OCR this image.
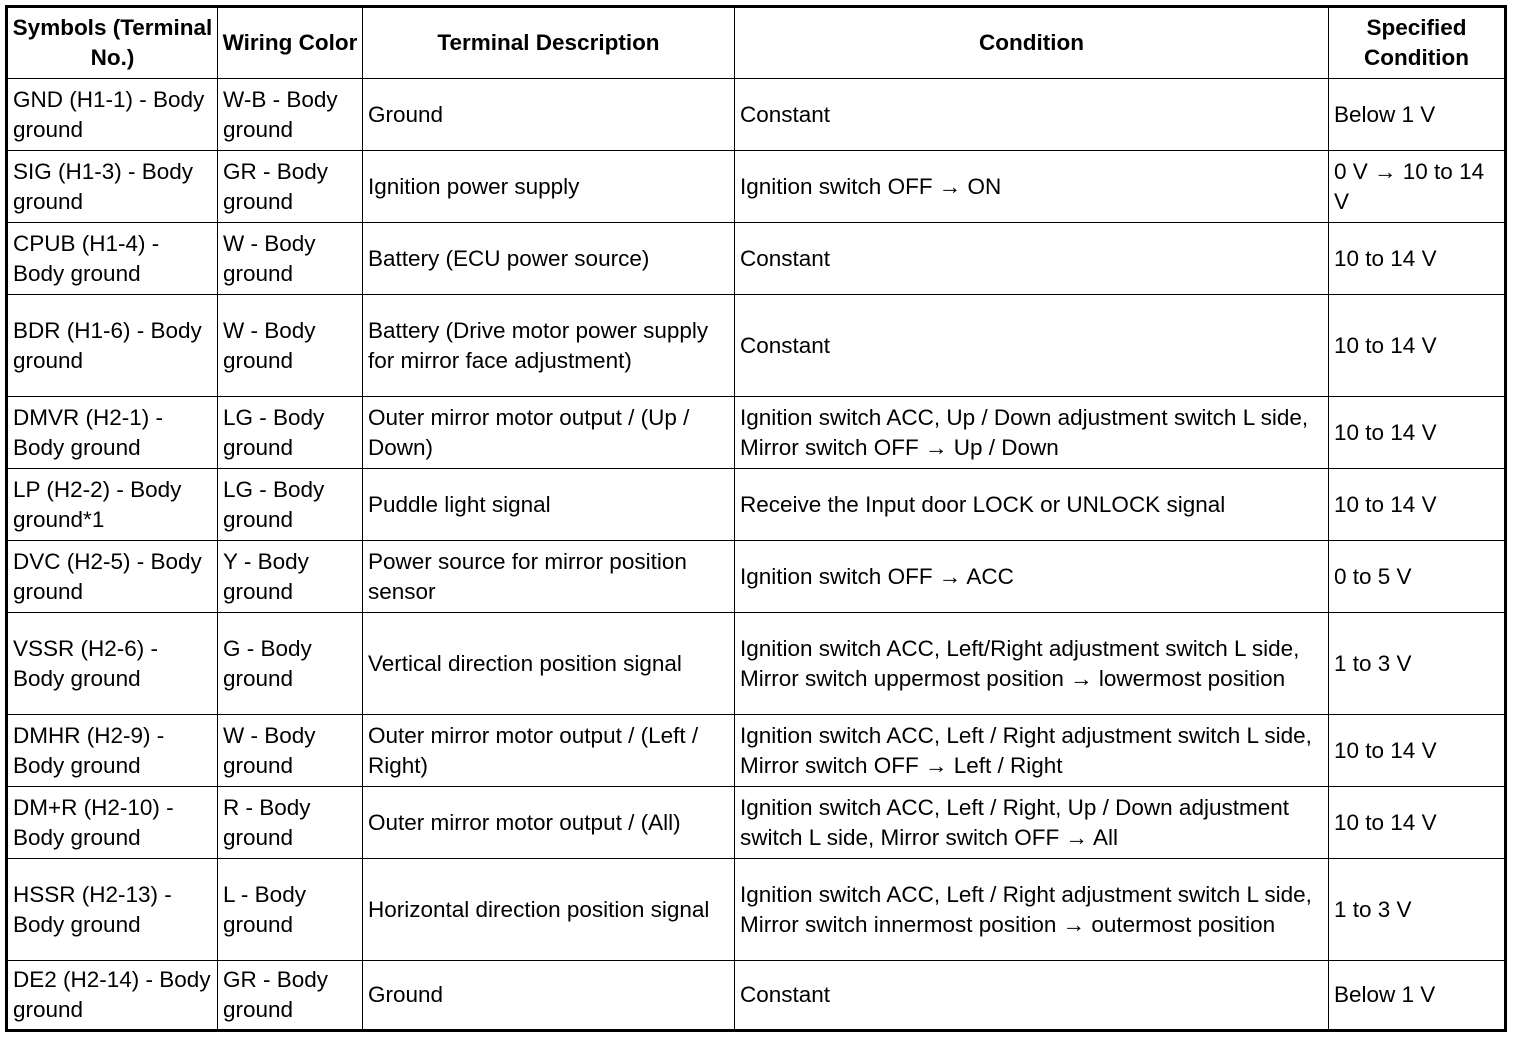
Symbols (Terminal No.)	Wiring Color	Terminal Description	Condition	Specified Condition
GND (H1-1) - Body ground	W-B - Body ground	Ground	Constant	Below 1 V
SIG (H1-3) - Body ground	GR - Body ground	Ignition power supply	Ignition switch OFF → ON	0 V → 10 to 14 V
CPUB (H1-4) - Body ground	W - Body ground	Battery (ECU power source)	Constant	10 to 14 V
BDR (H1-6) - Body ground	W - Body ground	Battery (Drive motor power supply for mirror face adjustment)	Constant	10 to 14 V
DMVR (H2-1) - Body ground	LG - Body ground	Outer mirror motor output / (Up / Down)	Ignition switch ACC, Up / Down adjustment switch L side, Mirror switch OFF → Up / Down	10 to 14 V
LP (H2-2) - Body ground*1	LG - Body ground	Puddle light signal	Receive the Input door LOCK or UNLOCK signal	10 to 14 V
DVC (H2-5) - Body ground	Y - Body ground	Power source for mirror position sensor	Ignition switch OFF → ACC	0 to 5 V
VSSR (H2-6) - Body ground	G - Body ground	Vertical direction position signal	Ignition switch ACC, Left/Right adjustment switch L side, Mirror switch uppermost position → lowermost position	1 to 3 V
DMHR (H2-9) - Body ground	W - Body ground	Outer mirror motor output / (Left / Right)	Ignition switch ACC, Left / Right adjustment switch L side, Mirror switch OFF → Left / Right	10 to 14 V
DM+R (H2-10) - Body ground	R - Body ground	Outer mirror motor output / (All)	Ignition switch ACC, Left / Right, Up / Down adjustment switch L side, Mirror switch OFF → All	10 to 14 V
HSSR (H2-13) - Body ground	L - Body ground	Horizontal direction position signal	Ignition switch ACC, Left / Right adjustment switch L side, Mirror switch innermost position → outermost position	1 to 3 V
DE2 (H2-14) - Body ground	GR - Body ground	Ground	Constant	Below 1 V
